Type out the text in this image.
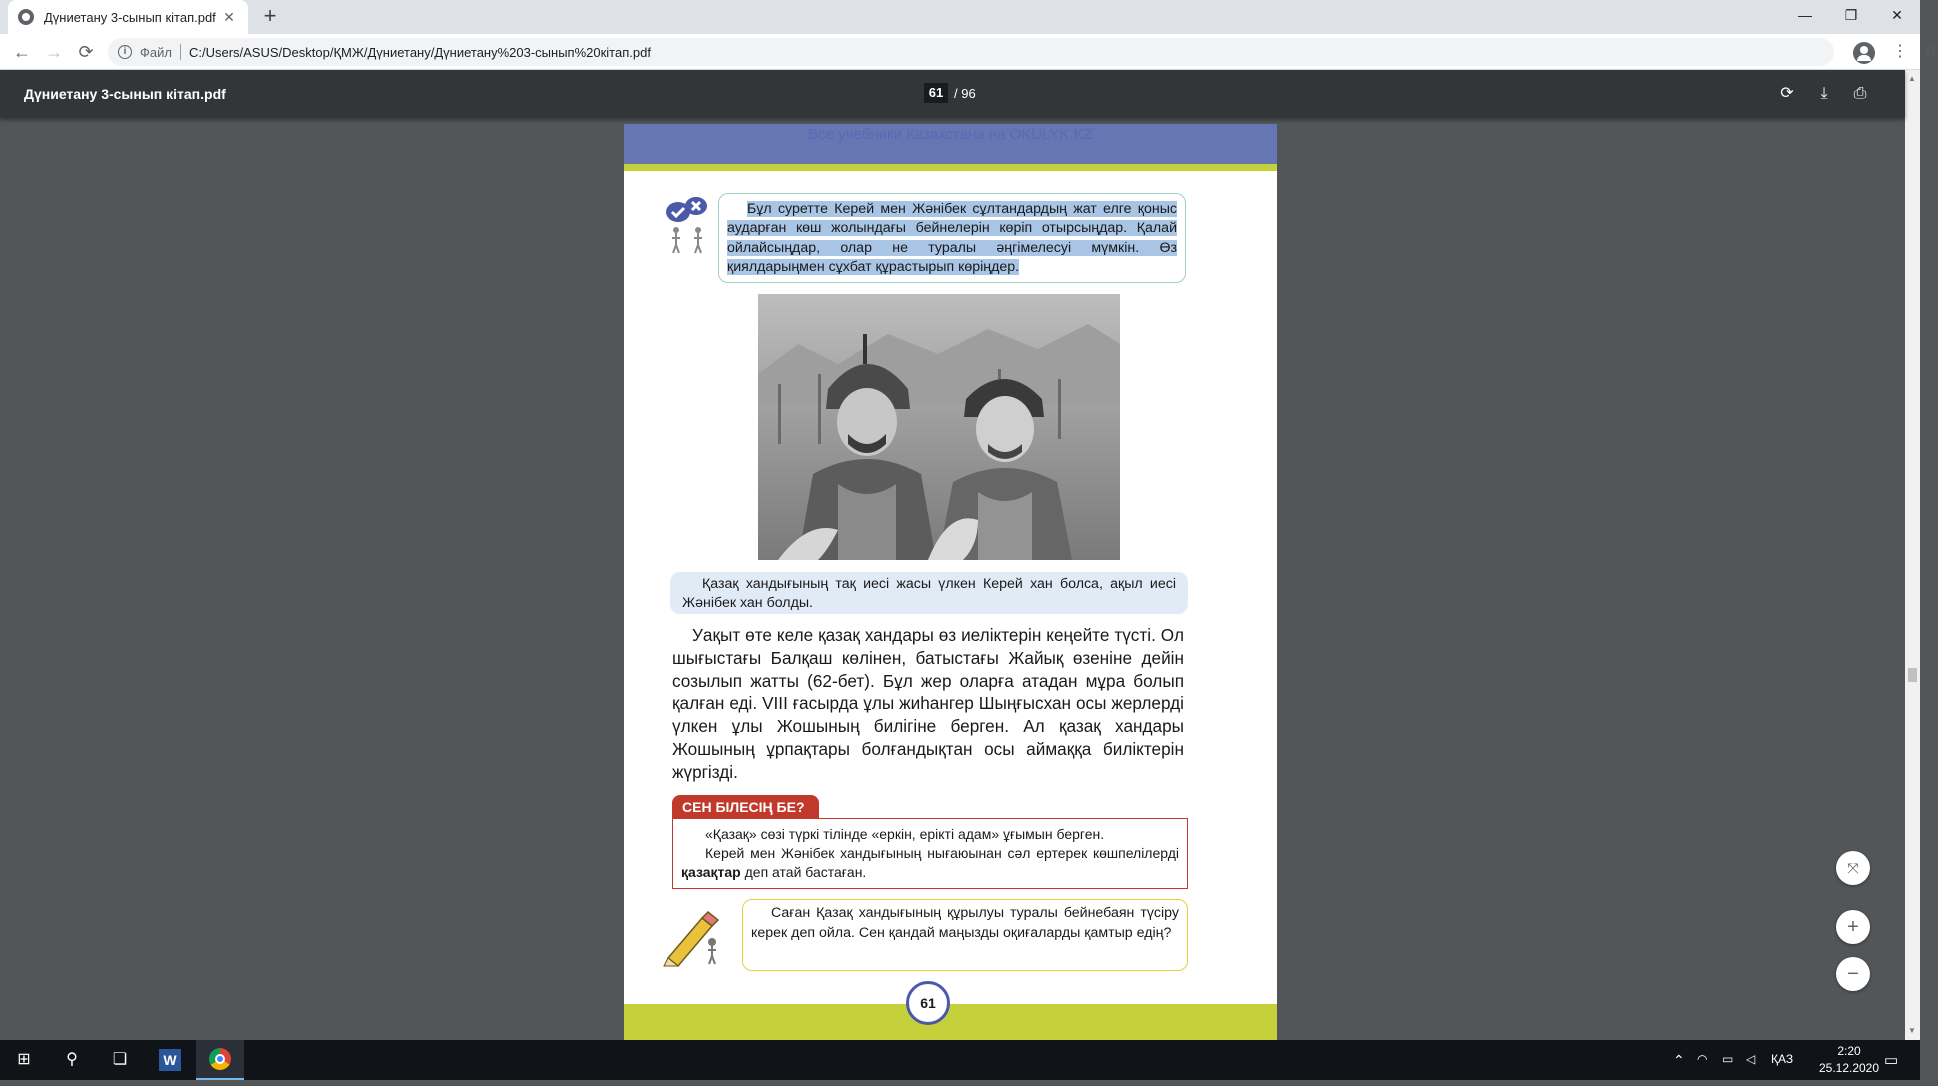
Дүниетану 3-сынып кітап.pdf ✕ +	—	❐	✕
← → ⟳	i	Файл C:/Users/ASUS/Desktop/ҚМЖ/Дүниетану/Дүниетану%203-сынып%20кітап.pdf	☆
⋮
Дүниетану 3-сынып кітап.pdf	61 / 96	⟳	⤓	⎙
▲
▼
Все учебники Казахстана на OKULYK.KZ

Бұл суретте Керей мен Жәнібек сұлтандардың жат елге қоныс аударған көш жолындағы бейнелерін көріп отырсыңдар. Қалай ойлайсыңдар, олар не туралы әңгімелесуі мүмкін. Өз қиялдарыңмен сұхбат құрастырып көріңдер.

Қазақ хандығының тақ иесі жасы үлкен Керей хан болса, ақыл иесі Жәнібек хан болды.

Уақыт өте келе қазақ хандары өз иеліктерін кеңейте түсті. Ол шығыстағы Балқаш көлінен, батыстағы Жайық өзеніне дейін созылып жатты (62-бет). Бұл жер оларға атадан мұра болып қалған еді. VIII ғасырда ұлы жиһангер Шыңғысхан осы жерлерді үлкен ұлы Жошының билігіне берген. Ал қазақ хандары Жошының ұрпақтары болғандықтан осы аймаққа биліктерін жүргізді.

СЕН БІЛЕСІҢ БЕ?

«Қазақ» сөзі түркі тілінде «еркін, ерікті адам» ұғымын берген.

Керей мен Жәнібек хандығының нығаюынан сәл ертерек көшпелілерді қазақтар деп атай бастаған.

Саған Қазақ хандығының құрылуы туралы бейнебаян түсіру керек деп ойла. Сен қандай маңызды оқиғаларды қамтыр едің?

61
⤧
+
−
⊞	⚲	❏	W	⌃ ◠ ▭ ◁ ҚАЗ
2:20
25.12.2020 ▭
